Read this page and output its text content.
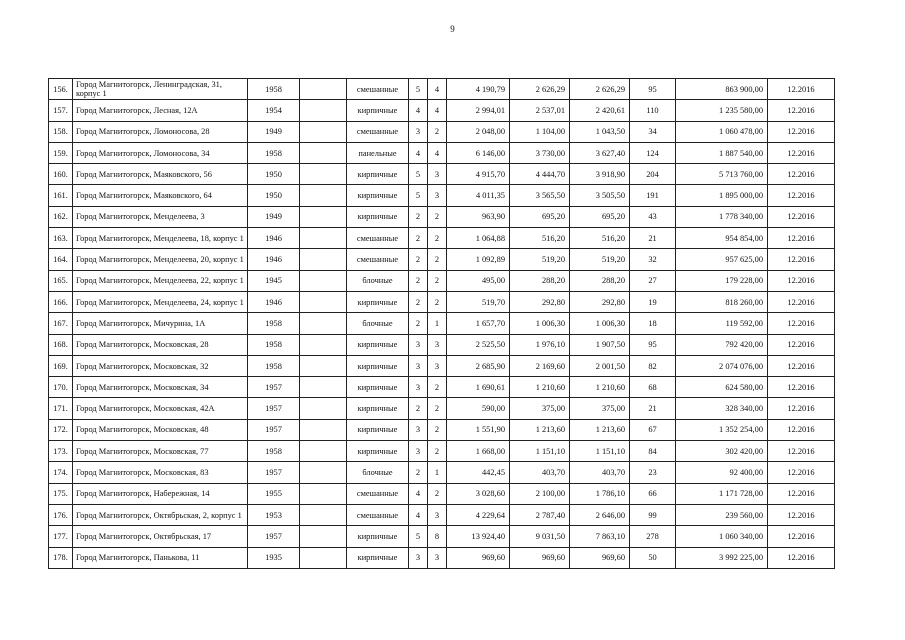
9
156.	Город Магнитогорск, Ленинградская, 31, корпус 1	1958		смешанные	5	4	4 190,79	2 626,29	2 626,29	95	863 900,00	12.2016
157.	Город Магнитогорск, Лесная, 12А	1954		кирпичные	4	4	2 994,01	2 537,01	2 420,61	110	1 235 580,00	12.2016
158.	Город Магнитогорск, Ломоносова, 28	1949		смешанные	3	2	2 048,00	1 104,00	1 043,50	34	1 060 478,00	12.2016
159.	Город Магнитогорск, Ломоносова, 34	1958		панельные	4	4	6 146,00	3 730,00	3 627,40	124	1 887 540,00	12.2016
160.	Город Магнитогорск, Маяковского, 56	1950		кирпичные	5	3	4 915,70	4 444,70	3 918,90	204	5 713 760,00	12.2016
161.	Город Магнитогорск, Маяковского, 64	1950		кирпичные	5	3	4 011,35	3 565,50	3 505,50	191	1 895 000,00	12.2016
162.	Город Магнитогорск, Менделеева, 3	1949		кирпичные	2	2	963,90	695,20	695,20	43	1 778 340,00	12.2016
163.	Город Магнитогорск, Менделеева, 18, корпус 1	1946		смешанные	2	2	1 064,88	516,20	516,20	21	954 854,00	12.2016
164.	Город Магнитогорск, Менделеева, 20, корпус 1	1946		смешанные	2	2	1 092,89	519,20	519,20	32	957 625,00	12.2016
165.	Город Магнитогорск, Менделеева, 22, корпус 1	1945		блочные	2	2	495,00	288,20	288,20	27	179 228,00	12.2016
166.	Город Магнитогорск, Менделеева, 24, корпус 1	1946		кирпичные	2	2	519,70	292,80	292,80	19	818 260,00	12.2016
167.	Город Магнитогорск, Мичурина, 1А	1958		блочные	2	1	1 657,70	1 006,30	1 006,30	18	119 592,00	12.2016
168.	Город Магнитогорск, Московская, 28	1958		кирпичные	3	3	2 525,50	1 976,10	1 907,50	95	792 420,00	12.2016
169.	Город Магнитогорск, Московская, 32	1958		кирпичные	3	3	2 685,90	2 169,60	2 001,50	82	2 074 076,00	12.2016
170.	Город Магнитогорск, Московская, 34	1957		кирпичные	3	2	1 690,61	1 210,60	1 210,60	68	624 580,00	12.2016
171.	Город Магнитогорск, Московская, 42А	1957		кирпичные	2	2	590,00	375,00	375,00	21	328 340,00	12.2016
172.	Город Магнитогорск, Московская, 48	1957		кирпичные	3	2	1 551,90	1 213,60	1 213,60	67	1 352 254,00	12.2016
173.	Город Магнитогорск, Московская, 77	1958		кирпичные	3	2	1 668,00	1 151,10	1 151,10	84	302 420,00	12.2016
174.	Город Магнитогорск, Московская, 83	1957		блочные	2	1	442,45	403,70	403,70	23	92 400,00	12.2016
175.	Город Магнитогорск, Набережная, 14	1955		смешанные	4	2	3 028,60	2 100,00	1 786,10	66	1 171 728,00	12.2016
176.	Город Магнитогорск, Октябрьская, 2, корпус 1	1953		смешанные	4	3	4 229,64	2 787,40	2 646,00	99	239 560,00	12.2016
177.	Город Магнитогорск, Октябрьская, 17	1957		кирпичные	5	8	13 924,40	9 031,50	7 863,10	278	1 060 340,00	12.2016
178.	Город Магнитогорск, Панькова, 11	1935		кирпичные	3	3	969,60	969,60	969,60	50	3 992 225,00	12.2016
